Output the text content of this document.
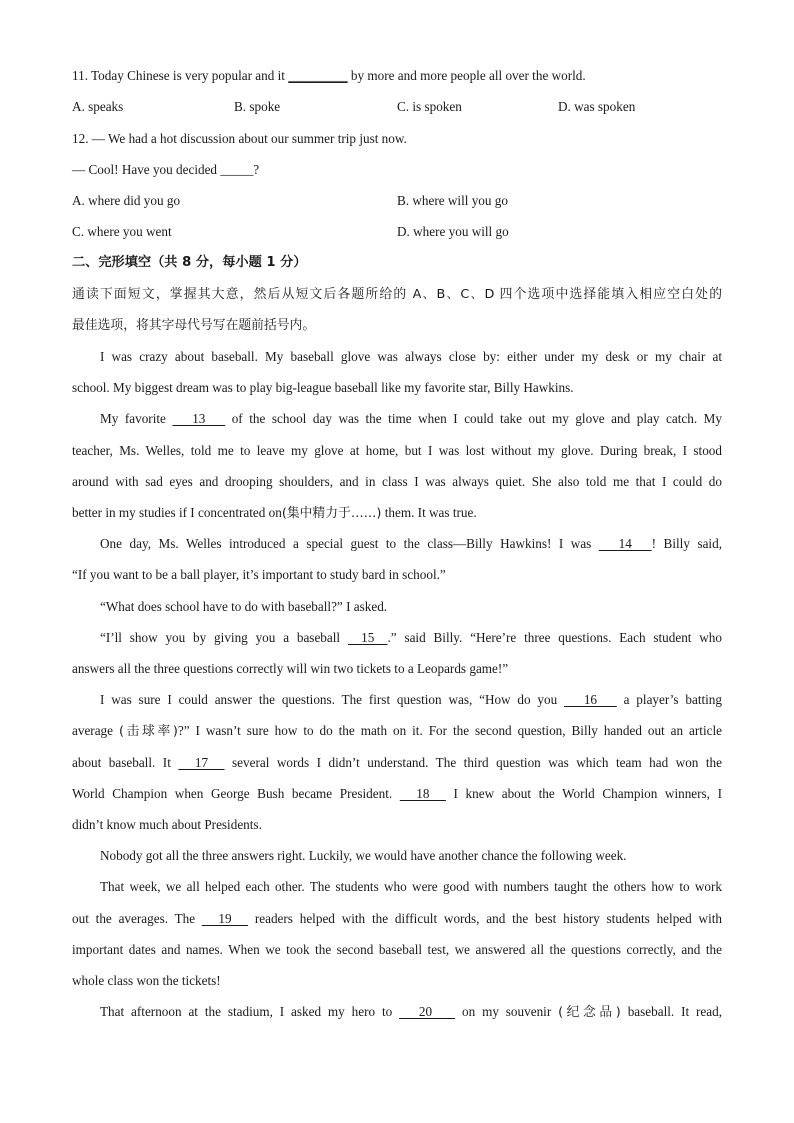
11. Today Chinese is very popular and it _________ by more and more people all over the world.
A. speaks	B. spoke	C. is spoken	D. was spoken
12. — We had a hot discussion about our summer trip just now.
— Cool! Have you decided _____?
A. where did you go	B. where will you go
C. where you went	D. where you will go
二、完形填空（共 8 分，每小题 1 分）
通读下面短文，掌握其大意，然后从短文后各题所给的 A、B、C、D 四个选项中选择能填入相应空白处的
最佳选项，将其字母代号写在题前括号内。
I was crazy about baseball. My baseball glove was always close by: either under my desk or my chair at
school. My biggest dream was to play big-league baseball like my favorite star, Billy Hawkins.
My favorite       13       of the school day was the time when I could take out my glove and play catch. My
teacher, Ms. Welles, told me to leave my glove at home, but I was lost without my glove. During break, I stood
around with sad eyes and drooping shoulders, and in class I was always quiet. She also told me that I could do
better in my studies if I concentrated on(集中精力于……) them. It was true.
One day, Ms. Welles introduced a special guest to the class—Billy Hawkins! I was       14      ! Billy said,
“If you want to be a ball player, it’s important to study bard in school.”
“What does school have to do with baseball?” I asked.
“I’ll show you by giving you a baseball     15    .” said Billy. “Here’re three questions. Each student who
answers all the three questions correctly will win two tickets to a Leopards game!”
I was sure I could answer the questions. The first question was, “How do you       16       a player’s batting
average (击球率)?” I wasn’t sure how to do the math on it. For the second question, Billy handed out an article
about baseball. It      17      several words I didn’t understand. The third question was which team had won the
World Champion when George Bush became President.      18      I knew about the World Champion winners, I
didn’t know much about Presidents.
Nobody got all the three answers right. Luckily, we would have another chance the following week.
That week, we all helped each other. The students who were good with numbers taught the others how to work
out the averages. The      19      readers helped with the difficult words, and the best history students helped with
important dates and names. When we took the second baseball test, we answered all the questions correctly, and the
whole class won the tickets!
That afternoon at the stadium, I asked my hero to       20        on my souvenir (纪念品) baseball. It read,
